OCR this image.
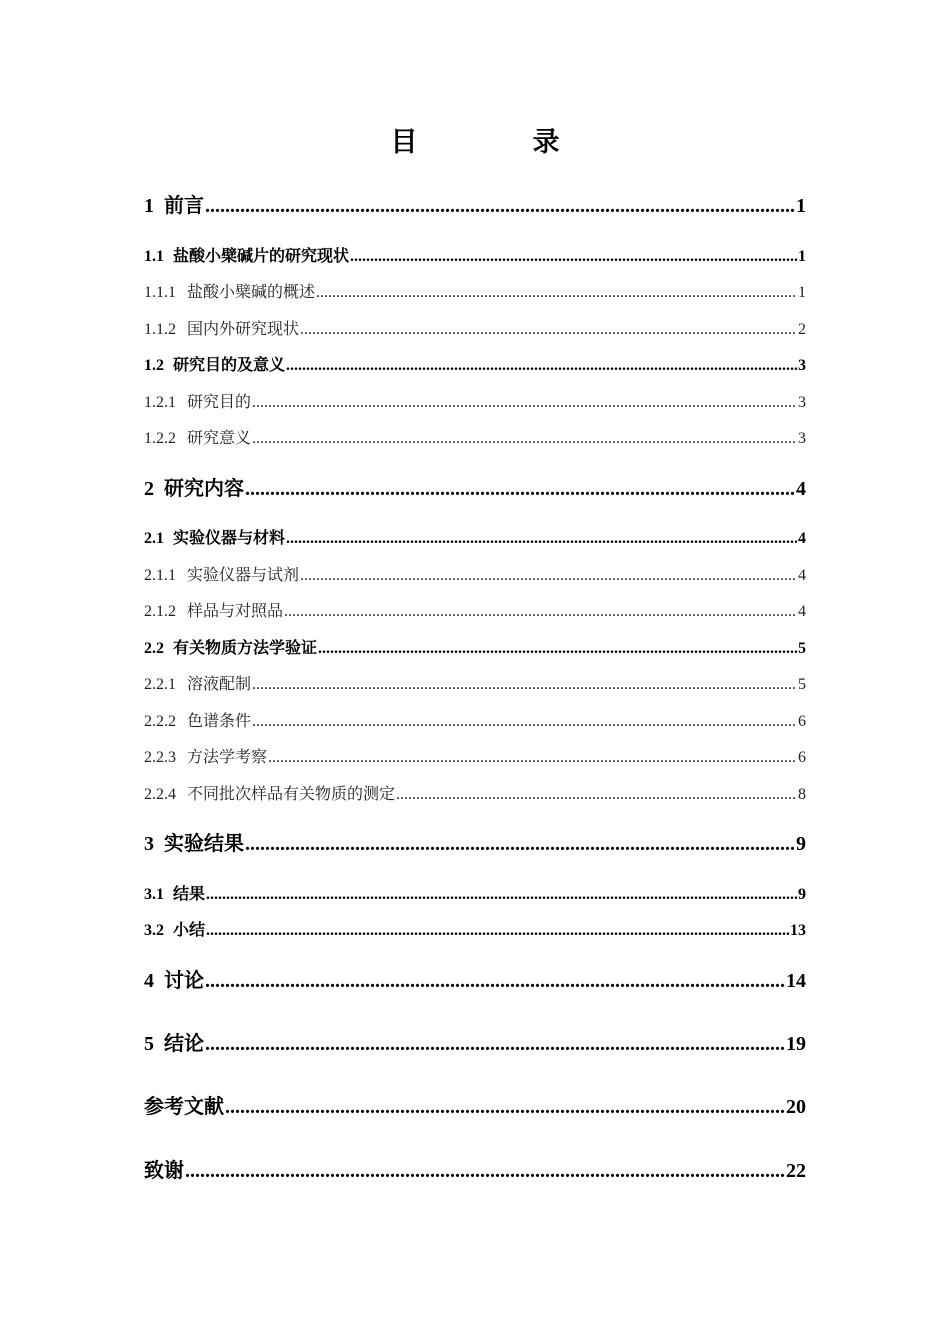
目　录
1 前言 .....	1
1.1 盐酸小檗碱片的研究现状 .....	1
1.1.1 盐酸小檗碱的概述 .....	1
1.1.2 国内外研究现状 .....	2
1.2 研究目的及意义 .....	3
1.2.1 研究目的 .....	3
1.2.2 研究意义 .....	3
2 研究内容 .....	4
2.1 实验仪器与材料 .....	4
2.1.1 实验仪器与试剂 .....	4
2.1.2 样品与对照品 .....	4
2.2 有关物质方法学验证 .....	5
2.2.1 溶液配制 .....	5
2.2.2 色谱条件 .....	6
2.2.3 方法学考察 .....	6
2.2.4 不同批次样品有关物质的测定 .....	8
3 实验结果 .....	9
3.1 结果 .....	9
3.2 小结 .....	13
4 讨论 .....	14
5 结论 .....	19
参考文献 .....	20
致谢 .....	22
